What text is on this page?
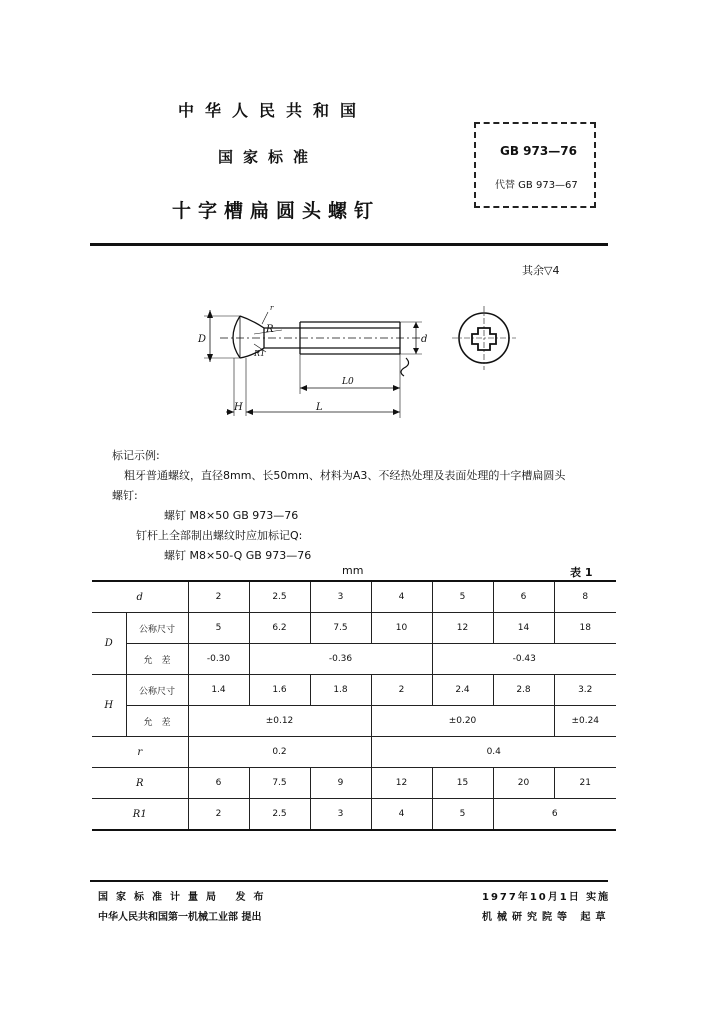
中华人民共和国
国家标准
十字槽扁圆头螺钉
GB 973—76
代替 GB 973—67
其余▽4
D	d
r
R
R1
H	L
L0
标记示例:
粗牙普通螺纹，直径8mm、长50mm、材料为A3、不经热处理及表面处理的十字槽扁圆头
螺钉:
螺钉 M8×50 GB 973—76
钉杆上全部制出螺纹时应加标记Q:
螺钉 M8×50-Q GB 973—76
mm	表 1
d		2	2.5	3	4	5	6	8
D	公称尺寸	5	6.2	7.5	10	12	14	18
	允　差	-0.30	-0.36			-0.43		
H	公称尺寸	1.4	1.6	1.8	2	2.4	2.8	3.2
	允　差	±0.12			±0.20			±0.24
r		0.2			0.4			
R		6	7.5	9	12	15	20	21
R1		2	2.5	3	4	5	6	
国家标准计量局 发布
中华人民共和国第一机械工业部 提出
1977年10月1日 实施
机械研究院等 起草
